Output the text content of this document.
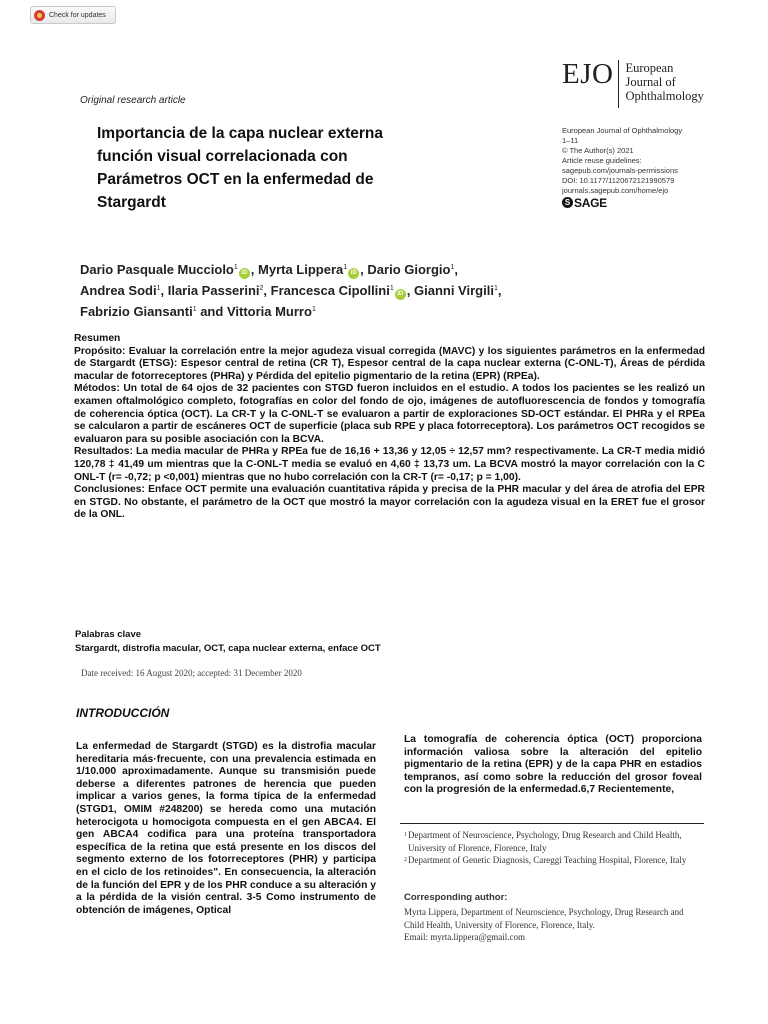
Check for updates
EJO European
Journal of
Ophthalmology
Original research article
Importancia de la capa nuclear externa
función visual correlacionada con
Parámetros OCT en la enfermedad de
Stargardt
European Journal of Ophthalmology
1–11
© The Author(s) 2021
Article reuse guidelines:
sagepub.com/journals-permissions
DOI: 10.1177/1120672121990579
journals.sagepub.com/home/ejo
S SAGE
Dario Pasquale Mucciolo$^1$iD , Myrta Lippera$^1$iD , Dario Giorgio$^1$,
Andrea Sodi$^1$, Ilaria Passerini$^2$, Francesca Cipollini$^1$iD , Gianni Virgili$^1$,
Fabrizio Giansanti$^1$ and Vittoria Murro$^1$

Resumen

Propósito: Evaluar la correlación entre la mejor agudeza visual corregida (MAVC) y los siguientes parámetros en la enfermedad de Stargardt (ETSG): Espesor central de retina (CR T), Espesor central de la capa nuclear externa (C-ONL-T), Áreas de pérdida macular de fotorreceptores (PHRa) y Pérdida del epitelio pigmentario de la retina (EPR) (RPEa).

Métodos: Un total de 64 ojos de 32 pacientes con STGD fueron incluidos en el estudio. A todos los pacientes se les realizó un examen oftalmológico completo, fotografías en color del fondo de ojo, imágenes de autofluorescencia de fondos y tomografía de coherencia óptica (OCT). La CR-T y la C-ONL-T se evaluaron a partir de exploraciones SD-OCT estándar. El PHRa y el RPEa se calcularon a partir de escáneres OCT de superficie (placa sub RPE y placa fotorreceptora). Los parámetros OCT recogidos se evaluaron para su posible asociación con la BCVA.

Resultados: La media macular de PHRa y RPEa fue de 16,16 + 13,36 y 12,05 ÷ 12,57 mm? respectivamente. La CR-T media midió 120,78 ‡ 41,49 um mientras que la C-ONL-T media se evaluó en 4,60 ‡ 13,73 um. La BCVA mostró la mayor correlación con la C ONL-T (r= -0,72; p <0,001) mientras que no hubo correlación con la CR-T (r= -0,17; p = 1,00).

Conclusiones: Enface OCT permite una evaluación cuantitativa rápida y precisa de la PHR macular y del área de atrofia del EPR en STGD. No obstante, el parámetro de la OCT que mostró la mayor correlación con la agudeza visual en la ERET fue el grosor de la ONL.

Palabras clave
Stargardt, distrofia macular, OCT, capa nuclear externa, enface OCT
Date received: 16 August 2020; accepted: 31 December 2020
INTRODUCCIÓN

La enfermedad de Stargardt (STGD) es la distrofia macular hereditaria más·frecuente, con una prevalencia estimada en 1/10.000 aproximadamente. Aunque su transmisión puede deberse a diferentes patrones de herencia que pueden implicar a varios genes, la forma típica de la enfermedad (STGD1, OMIM #248200) se hereda como una mutación heterocigota u homocigota compuesta en el gen ABCA4. El gen ABCA4 codifica para una proteína transportadora específica de la retina que está presente en los discos del segmento externo de los fotorreceptores (PHR) y participa en el ciclo de los retinoides". En consecuencia, la alteración de la función del EPR y de los PHR conduce a su alteración y a la pérdida de la visión central. 3-5 Como instrumento de obtención de imágenes, Optical

La tomografía de coherencia óptica (OCT) proporciona información valiosa sobre la alteración del epitelio pigmentario de la retina (EPR) y de la capa PHR en estadios tempranos, así como sobre la reducción del grosor foveal con la progresión de la enfermedad.6,7 Recientemente,

1 Department of Neuroscience, Psychology, Drug Research and Child Health, University of Florence, Florence, Italy
2 Department of Genetic Diagnosis, Careggi Teaching Hospital, Florence, Italy
Corresponding author:
Myrta Lippera, Department of Neuroscience, Psychology, Drug Research and Child Health, University of Florence, Florence, Italy.
Email: myrta.lippera@gmail.com
